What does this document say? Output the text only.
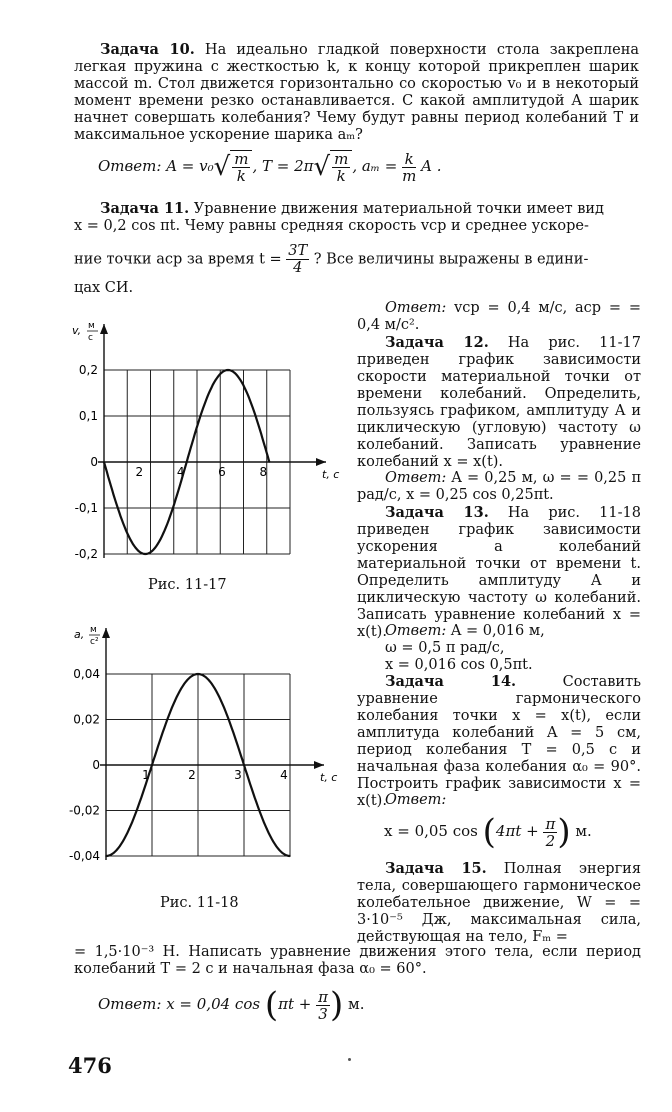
Задача 10. На идеально гладкой поверхности стола закреплена легкая пружина с жесткостью k, к концу которой прикреплен шарик массой m. Стол движется горизонтально со скоростью v₀ и в некоторый момент времени резко останавливается. С какой амплитудой A шарик начнет совершать колебания? Чему будут равны период колебаний T и максимальное ускорение шарика aₘ?

Ответ: $A = v_0√ \frac{m}{k}$ , $T = 2\pi√ \frac{m}{k}$ , $a_m = \frac{k}{m}$ A .
Задача 11. Уравнение движения материальной точки имеет вид
x = 0,2 cos πt. Чему равны средняя скорость vср и среднее ускоре-
ние точки aср за время $t = \frac{3T}{4}$ ? Все величины выражены в едини-
цах СИ.

Ответ: vср = 0,4 м/с, aср = = 0,4 м/с².

Задача 12. На рис. 11-17 приведен график зависимости скорости материальной точки от времени колебаний. Определить, пользуясь графиком, амплитуду A и циклическую (угловую) частоту ω колебаний. Записать уравнение колебаний x = x(t).

Ответ: A = 0,25 м, ω = = 0,25 π рад/с, x = 0,25 cos 0,25πt.

Задача 13. На рис. 11-18 приведен график зависимости ускорения a колебаний материальной точки от времени t. Определить амплитуду A и циклическую частоту ω колебаний. Записать уравнение колебаний x = x(t).

Ответ: A = 0,016 м,
ω = 0,5 π рад/с,
x = 0,016 cos 0,5πt.

Задача 14. Составить уравнение гармонического колебания точки x = x(t), если амплитуда колебаний A = 5 см, период колебания T = 0,5 с и начальная фаза колебания α₀ = 90°. Построить график зависимости x = x(t).

Ответ:
x = 0,05 $\cos (4\pi t + \frac{\pi}{2}$ ) м.

Задача 15. Полная энергия тела, совершающего гармоническое колебательное движение, W = = 3·10⁻⁵ Дж, максимальная сила, действующая на тело, Fₘ =

= 1,5·10⁻³ Н. Написать уравнение движения этого тела, если период колебаний T = 2 с и начальная фаза α₀ = 60°.

Ответ: x = 0,04 $\cos (\pi t + \frac{\pi}{3}$ ) м.
0,2
0,1
0
-0,1
-0,2
2	4	6	8
v, м
с
t, с
0,04
0,02
0
-0,02
-0,04
1	2	3	4
a, м
с²
t, с
Рис. 11-17
Рис. 11-18
476
